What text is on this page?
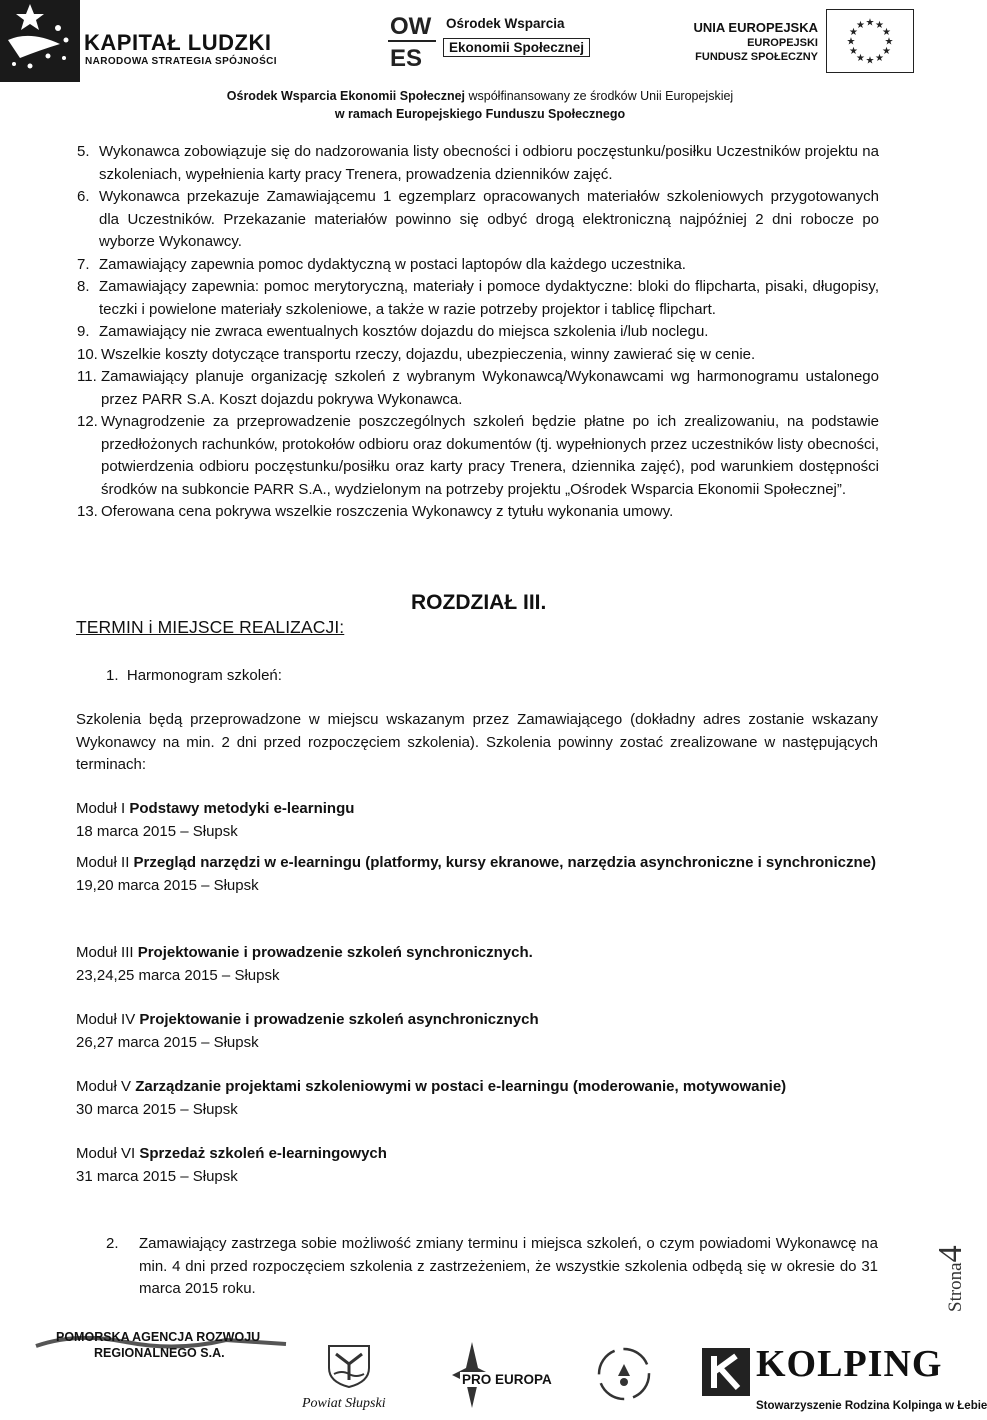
KAPITAŁ LUDZKI
NARODOWA STRATEGIA SPÓJNOŚCI
OW
ES
Ośrodek Wsparcia
Ekonomii Społecznej
UNIA EUROPEJSKA
EUROPEJSKI
FUNDUSZ SPOŁECZNY
★ ★
★
★
★
★
★
★
★
★
★
★
Ośrodek Wsparcia Ekonomii Społecznej współfinansowany ze środków Unii Europejskiej
w ramach Europejskiego Funduszu Społecznego
5. Wykonawca zobowiązuje się do nadzorowania listy obecności i odbioru poczęstunku/posiłku Uczestników projektu na szkoleniach, wypełnienia karty pracy Trenera, prowadzenia dzienników zajęć.
6. Wykonawca przekazuje Zamawiającemu 1 egzemplarz opracowanych materiałów szkoleniowych przygotowanych dla Uczestników. Przekazanie materiałów powinno się odbyć drogą elektroniczną najpóźniej 2 dni robocze po wyborze Wykonawcy.
7. Zamawiający zapewnia pomoc dydaktyczną w postaci laptopów dla każdego uczestnika.
8. Zamawiający zapewnia: pomoc merytoryczną, materiały i pomoce dydaktyczne: bloki do flipcharta, pisaki, długopisy, teczki i powielone materiały szkoleniowe, a także w razie potrzeby projektor i tablicę flipchart.
9. Zamawiający nie zwraca ewentualnych kosztów dojazdu do miejsca szkolenia i/lub noclegu.
10. Wszelkie koszty dotyczące transportu rzeczy, dojazdu, ubezpieczenia, winny zawierać się w cenie.
11. Zamawiający planuje organizację szkoleń z wybranym Wykonawcą/Wykonawcami wg harmonogramu ustalonego przez PARR S.A. Koszt dojazdu pokrywa Wykonawca.
12. Wynagrodzenie za przeprowadzenie poszczególnych szkoleń będzie płatne po ich zrealizowaniu, na podstawie przedłożonych rachunków, protokołów odbioru oraz dokumentów (tj. wypełnionych przez uczestników listy obecności, potwierdzenia odbioru poczęstunku/posiłku oraz karty pracy Trenera, dziennika zajęć), pod warunkiem dostępności środków na subkoncie PARR S.A., wydzielonym na potrzeby projektu „Ośrodek Wsparcia Ekonomii Społecznej”.
13. Oferowana cena pokrywa wszelkie roszczenia Wykonawcy z tytułu wykonania umowy.
ROZDZIAŁ III.
TERMIN i MIEJSCE REALIZACJI:
1. Harmonogram szkoleń:
Szkolenia będą przeprowadzone w miejscu wskazanym przez Zamawiającego (dokładny adres zostanie wskazany Wykonawcy na min. 2 dni przed rozpoczęciem szkolenia). Szkolenia powinny zostać zrealizowane w następujących terminach:
Moduł I Podstawy metodyki e-learningu
18 marca 2015 – Słupsk
Moduł II Przegląd narzędzi w e-learningu (platformy, kursy ekranowe, narzędzia asynchroniczne i synchroniczne)
19,20 marca 2015 – Słupsk
Moduł III Projektowanie i prowadzenie szkoleń synchronicznych.
23,24,25 marca 2015 – Słupsk
Moduł IV Projektowanie i prowadzenie szkoleń asynchronicznych
26,27 marca 2015 – Słupsk
Moduł V Zarządzanie projektami szkoleniowymi w postaci e-learningu (moderowanie, motywowanie)
30 marca 2015 – Słupsk
Moduł VI Sprzedaż szkoleń e-learningowych
31 marca 2015 – Słupsk
2.	Zamawiający zastrzega sobie możliwość zmiany terminu i miejsca szkoleń, o czym powiadomi Wykonawcę na min. 4 dni przed rozpoczęciem szkolenia z zastrzeżeniem, że wszystkie szkolenia odbędą się w okresie do 31 marca 2015 roku.	Strona4
POMORSKA AGENCJA ROZWOJU
REGIONALNEGO S.A.
Powiat Słupski
PRO EUROPA	KOLPING
Stowarzyszenie Rodzina Kolpinga w Łebie
